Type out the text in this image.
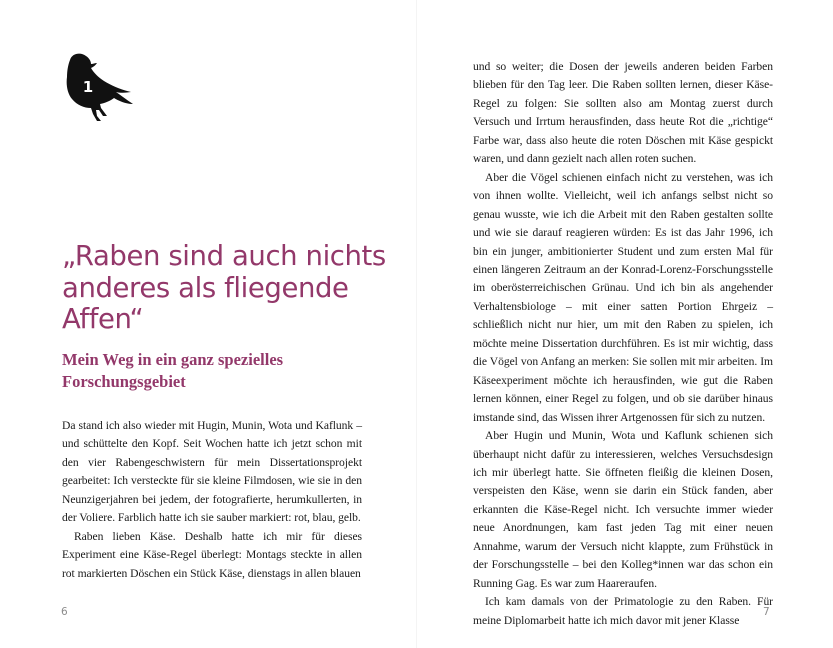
1
„Raben sind auch nichts anderes als fliegende Affen“
Mein Weg in ein ganz spezielles Forschungsgebiet

Da stand ich also wieder mit Hugin, Munin, Wota und Kaflunk – und schüttelte den Kopf. Seit Wochen hatte ich jetzt schon mit den vier Rabengeschwistern für mein Dissertationsprojekt gearbeitet: Ich versteckte für sie kleine Filmdosen, wie sie in den Neunzigerjahren bei jedem, der fotografierte, herumkullerten, in der Voliere. Farblich hatte ich sie sauber markiert: rot, blau, gelb.

Raben lieben Käse. Deshalb hatte ich mir für dieses Experiment eine Käse-Regel überlegt: Montags steckte in allen rot markierten Döschen ein Stück Käse, dienstags in allen blauen

6

und so weiter; die Dosen der jeweils anderen beiden Farben blieben für den Tag leer. Die Raben sollten lernen, dieser Käse-Regel zu folgen: Sie sollten also am Montag zuerst durch Versuch und Irrtum herausfinden, dass heute Rot die „richtige“ Farbe war, dass also heute die roten Döschen mit Käse gespickt waren, und dann gezielt nach allen roten suchen.

Aber die Vögel schienen einfach nicht zu verstehen, was ich von ihnen wollte. Vielleicht, weil ich anfangs selbst nicht so genau wusste, wie ich die Arbeit mit den Raben gestalten sollte und wie sie darauf reagieren würden: Es ist das Jahr 1996, ich bin ein junger, ambitionierter Student und zum ersten Mal für einen längeren Zeitraum an der Konrad-Lorenz-Forschungsstelle im oberösterreichischen Grünau. Und ich bin als angehender Verhaltensbiologe – mit einer satten Portion Ehrgeiz – schließlich nicht nur hier, um mit den Raben zu spielen, ich möchte meine Dissertation durchführen. Es ist mir wichtig, dass die Vögel von Anfang an merken: Sie sollen mit mir arbeiten. Im Käseexperiment möchte ich herausfinden, wie gut die Raben lernen können, einer Regel zu folgen, und ob sie darüber hinaus imstande sind, das Wissen ihrer Artgenossen für sich zu nutzen.

Aber Hugin und Munin, Wota und Kaflunk schienen sich überhaupt nicht dafür zu interessieren, welches Versuchsdesign ich mir überlegt hatte. Sie öffneten fleißig die kleinen Dosen, verspeisten den Käse, wenn sie darin ein Stück fanden, aber erkannten die Käse-Regel nicht. Ich versuchte immer wieder neue Anordnungen, kam fast jeden Tag mit einer neuen Annahme, warum der Versuch nicht klappte, zum Frühstück in der Forschungsstelle – bei den Kolleg*innen war das schon ein Running Gag. Es war zum Haareraufen.

Ich kam damals von der Primatologie zu den Raben. Für meine Diplomarbeit hatte ich mich davor mit jener Klasse

7
